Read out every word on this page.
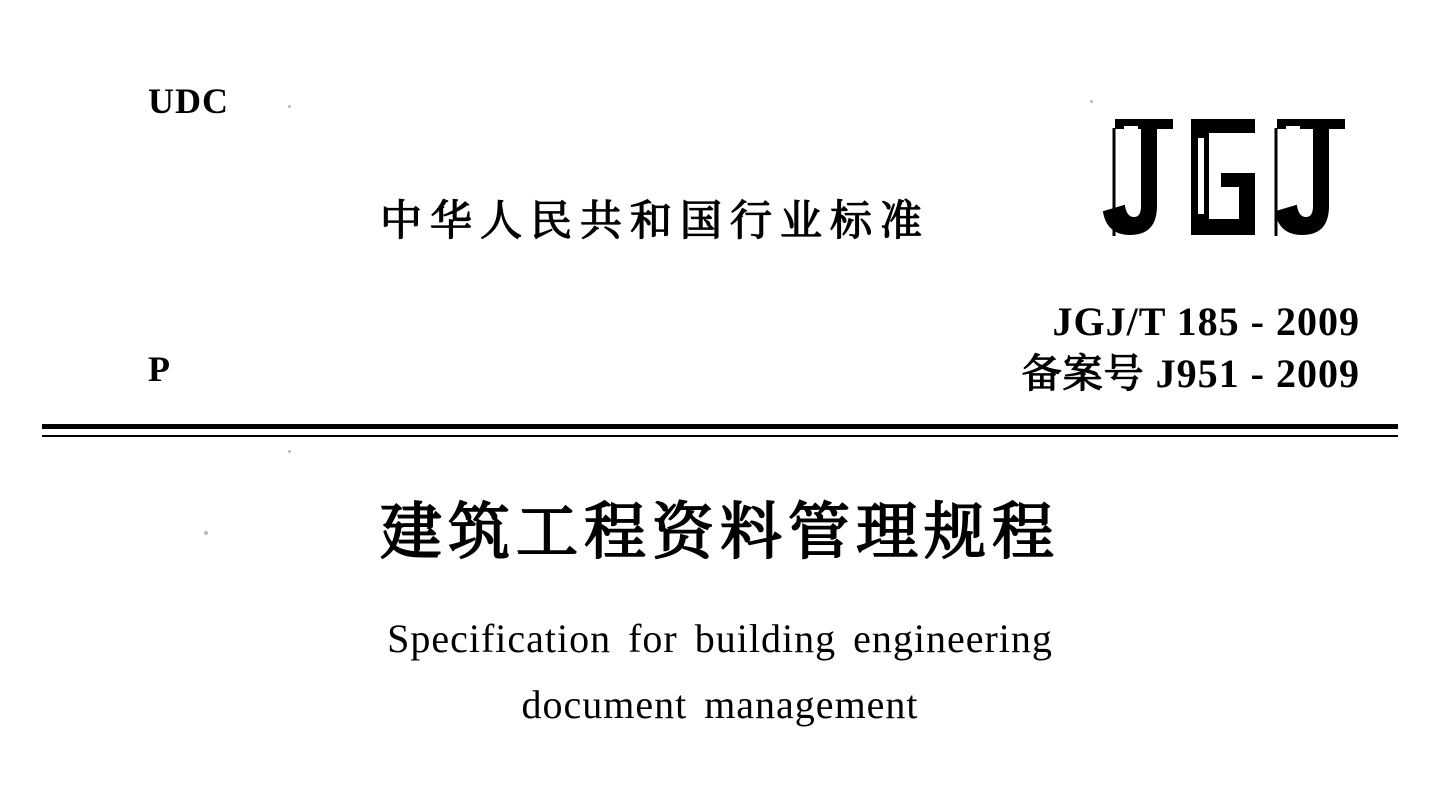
UDC
P
中华人民共和国行业标准
JGJ/T 185 - 2009
备案号 J951 - 2009
建筑工程资料管理规程
Specification for building engineering
document management
